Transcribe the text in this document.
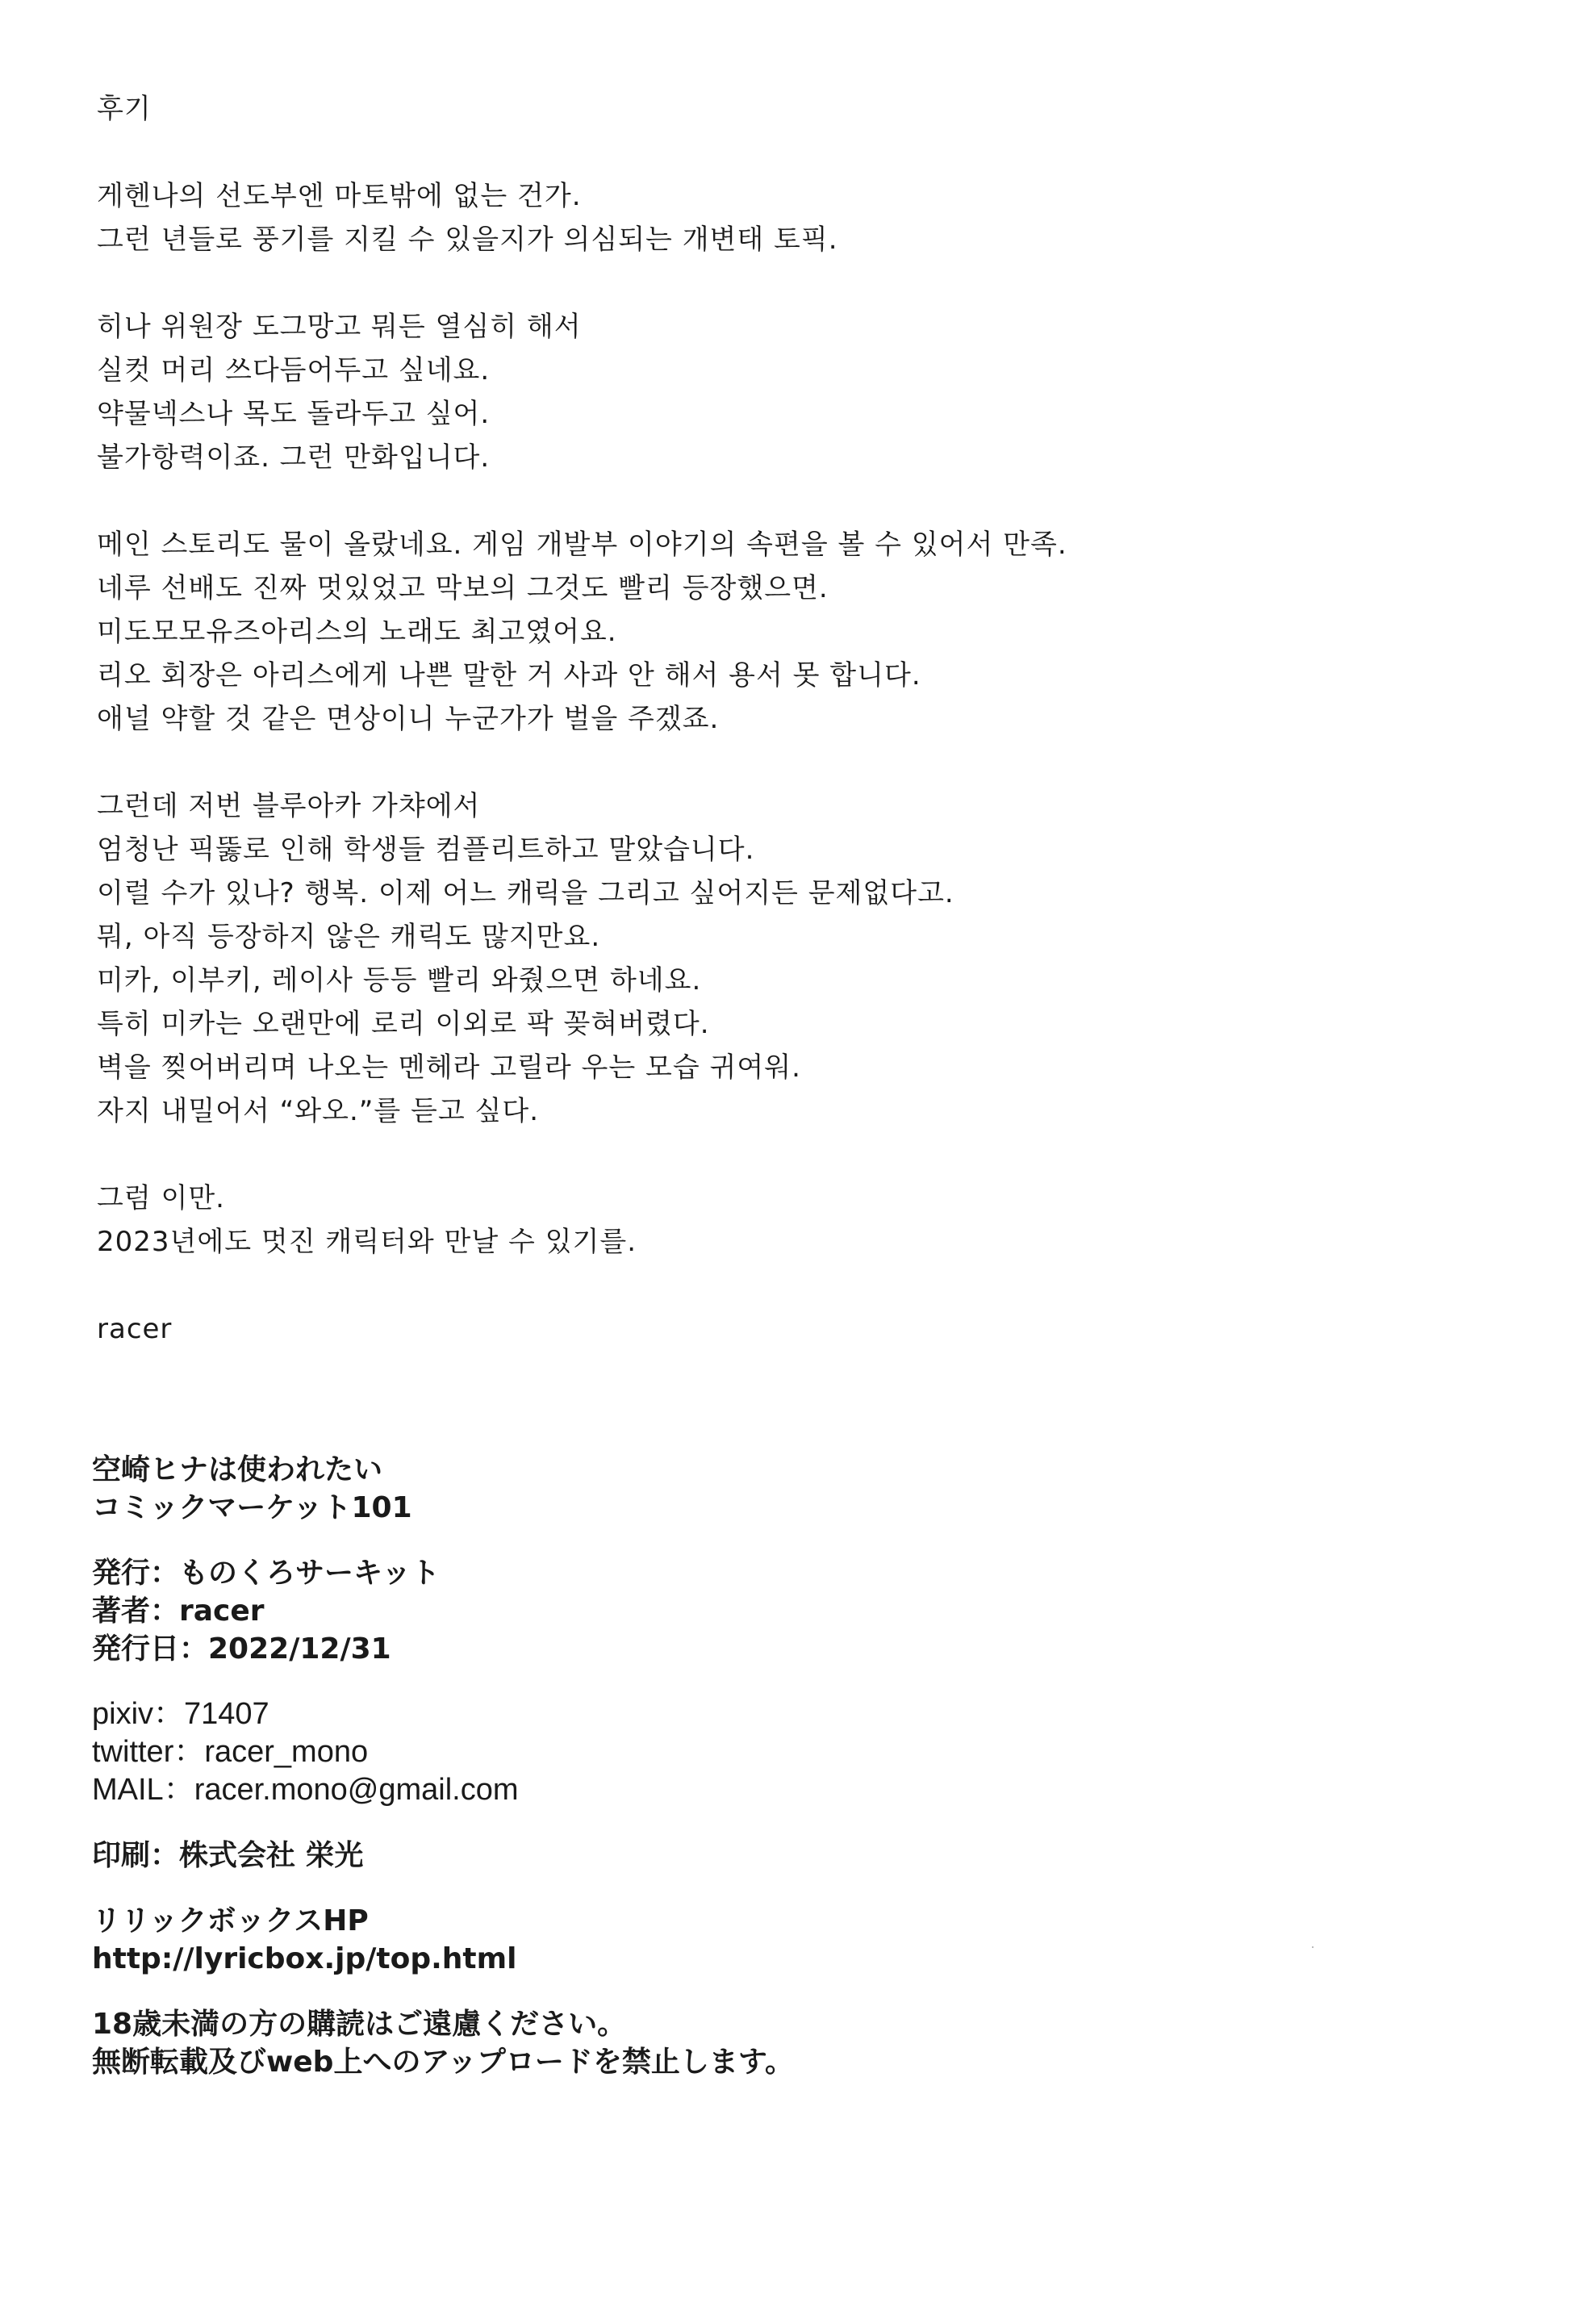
후기
게헨나의 선도부엔 마토밖에 없는 건가.
그런 년들로 풍기를 지킬 수 있을지가 의심되는 개변태 토픽.
히나 위원장 도그망고 뭐든 열심히 해서
실컷 머리 쓰다듬어두고 싶네요.
약물넥스나 목도 돌라두고 싶어.
불가항력이죠. 그런 만화입니다.
메인 스토리도 물이 올랐네요. 게임 개발부 이야기의 속편을 볼 수 있어서 만족.
네루 선배도 진짜 멋있었고 막보의 그것도 빨리 등장했으면.
미도모모유즈아리스의 노래도 최고였어요.
리오 회장은 아리스에게 나쁜 말한 거 사과 안 해서 용서 못 합니다.
애널 약할 것 같은 면상이니 누군가가 벌을 주겠죠.
그런데 저번 블루아카 가챠에서
엄청난 픽뚫로 인해 학생들 컴플리트하고 말았습니다.
이럴 수가 있나? 행복. 이제 어느 캐릭을 그리고 싶어지든 문제없다고.
뭐, 아직 등장하지 않은 캐릭도 많지만요.
미카, 이부키, 레이사 등등 빨리 와줬으면 하네요.
특히 미카는 오랜만에 로리 이외로 팍 꽂혀버렸다.
벽을 찢어버리며 나오는 멘헤라 고릴라 우는 모습 귀여워.
자지 내밀어서 “와오.”를 듣고 싶다.
그럼 이만.
2023년에도 멋진 캐릭터와 만날 수 있기를.
racer
空崎ヒナは使われたい
コミックマーケット101
発行：ものくろサーキット
著者：racer
発行日：2022/12/31
pixiv：71407
twitter：racer_mono
MAIL：racer.mono@gmail.com
印刷：株式会社 栄光
リリックボックスHP
http://lyricbox.jp/top.html
18歳未満の方の購読はご遠慮ください。
無断転載及びweb上へのアップロードを禁止します。
